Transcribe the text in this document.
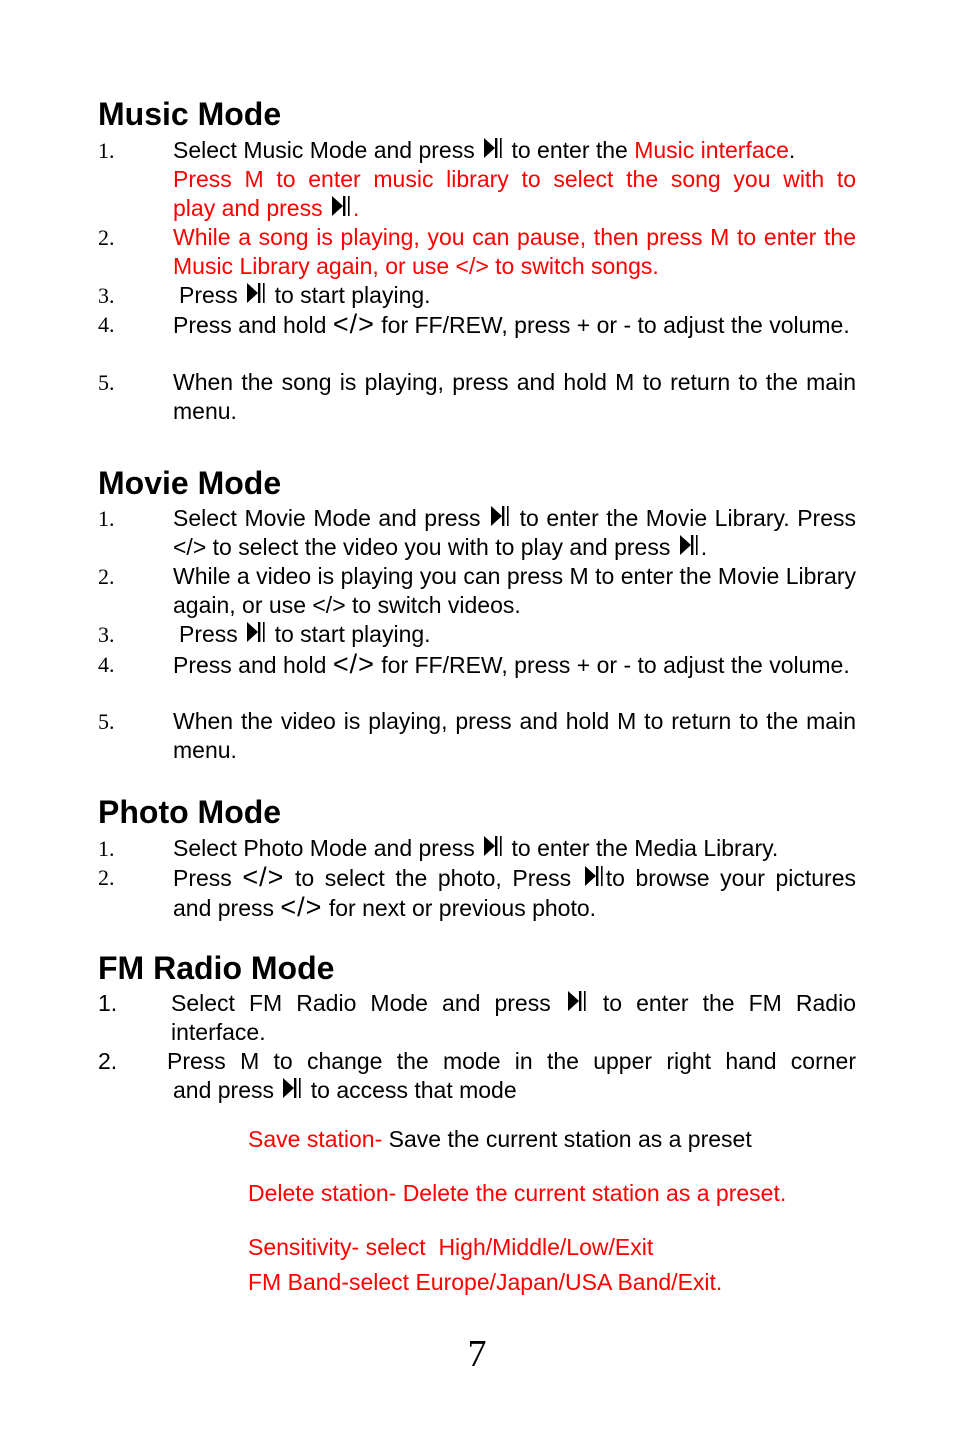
Music Mode
1.	Select Music Mode and press
to enter the Music interface.
Press M to enter music library to select the song you with to
play and press
.
2.	While a song is playing, you can pause, then press M to enter the Music Library again, or use </> to switch songs.
3.	Press
to start playing.
4.	Press and hold </> for FF/REW, press + or - to adjust the volume.
5.	When the song is playing, press and hold M to return to the main menu.
Movie Mode
1.	Select Movie Mode and press
to enter the Movie Library. Press </> to select the video you with to play and press
.
2.	While a video is playing you can press M to enter the Movie Library again, or use </> to switch videos.
3.	Press
to start playing.
4.	Press and hold </> for FF/REW, press + or - to adjust the volume.
5.	When the video is playing, press and hold M to return to the main menu.
Photo Mode
1.	Select Photo Mode and press
to enter the Media Library.
2.	Press </> to select the photo, Press
to browse your pictures and press </> for next or previous photo.
FM Radio Mode
1. Select FM Radio Mode and press
to enter the FM Radio interface.
2. Press M to change the mode in the upper right hand corner
and press
to access that mode
Save station- Save the current station as a preset
Delete station- Delete the current station as a preset.
Sensitivity- select  High/Middle/Low/Exit
FM Band-select Europe/Japan/USA Band/Exit.
7
